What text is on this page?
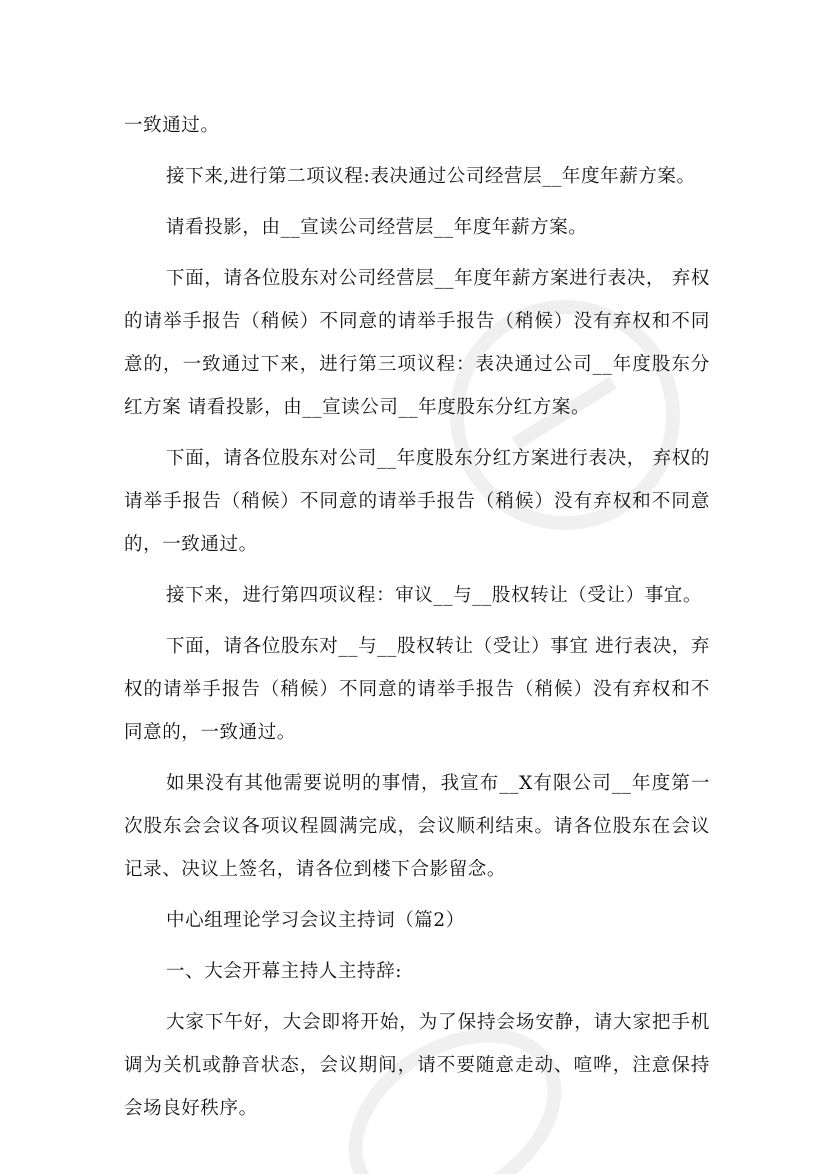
一致通过。

接下来,进行第二项议程:表决通过公司经营层__年度年薪方案。

请看投影，由__宣读公司经营层__年度年薪方案。

下面，请各位股东对公司经营层__年度年薪方案进行表决， 弃权的请举手报告（稍候）不同意的请举手报告（稍候）没有弃权和不同意的，一致通过下来，进行第三项议程：表决通过公司__年度股东分红方案 请看投影，由__宣读公司__年度股东分红方案。

下面，请各位股东对公司__年度股东分红方案进行表决， 弃权的请举手报告（稍候）不同意的请举手报告（稍候）没有弃权和不同意的，一致通过。

接下来，进行第四项议程：审议__与__股权转让（受让）事宜。

下面，请各位股东对__与__股权转让（受让）事宜 进行表决，弃权的请举手报告（稍候）不同意的请举手报告（稍候）没有弃权和不同意的，一致通过。

如果没有其他需要说明的事情，我宣布__X有限公司__年度第一次股东会会议各项议程圆满完成，会议顺利结束。请各位股东在会议记录、决议上签名，请各位到楼下合影留念。

中心组理论学习会议主持词（篇2）

一、大会开幕主持人主持辞:

大家下午好，大会即将开始，为了保持会场安静，请大家把手机调为关机或静音状态，会议期间，请不要随意走动、喧哗，注意保持会场良好秩序。
